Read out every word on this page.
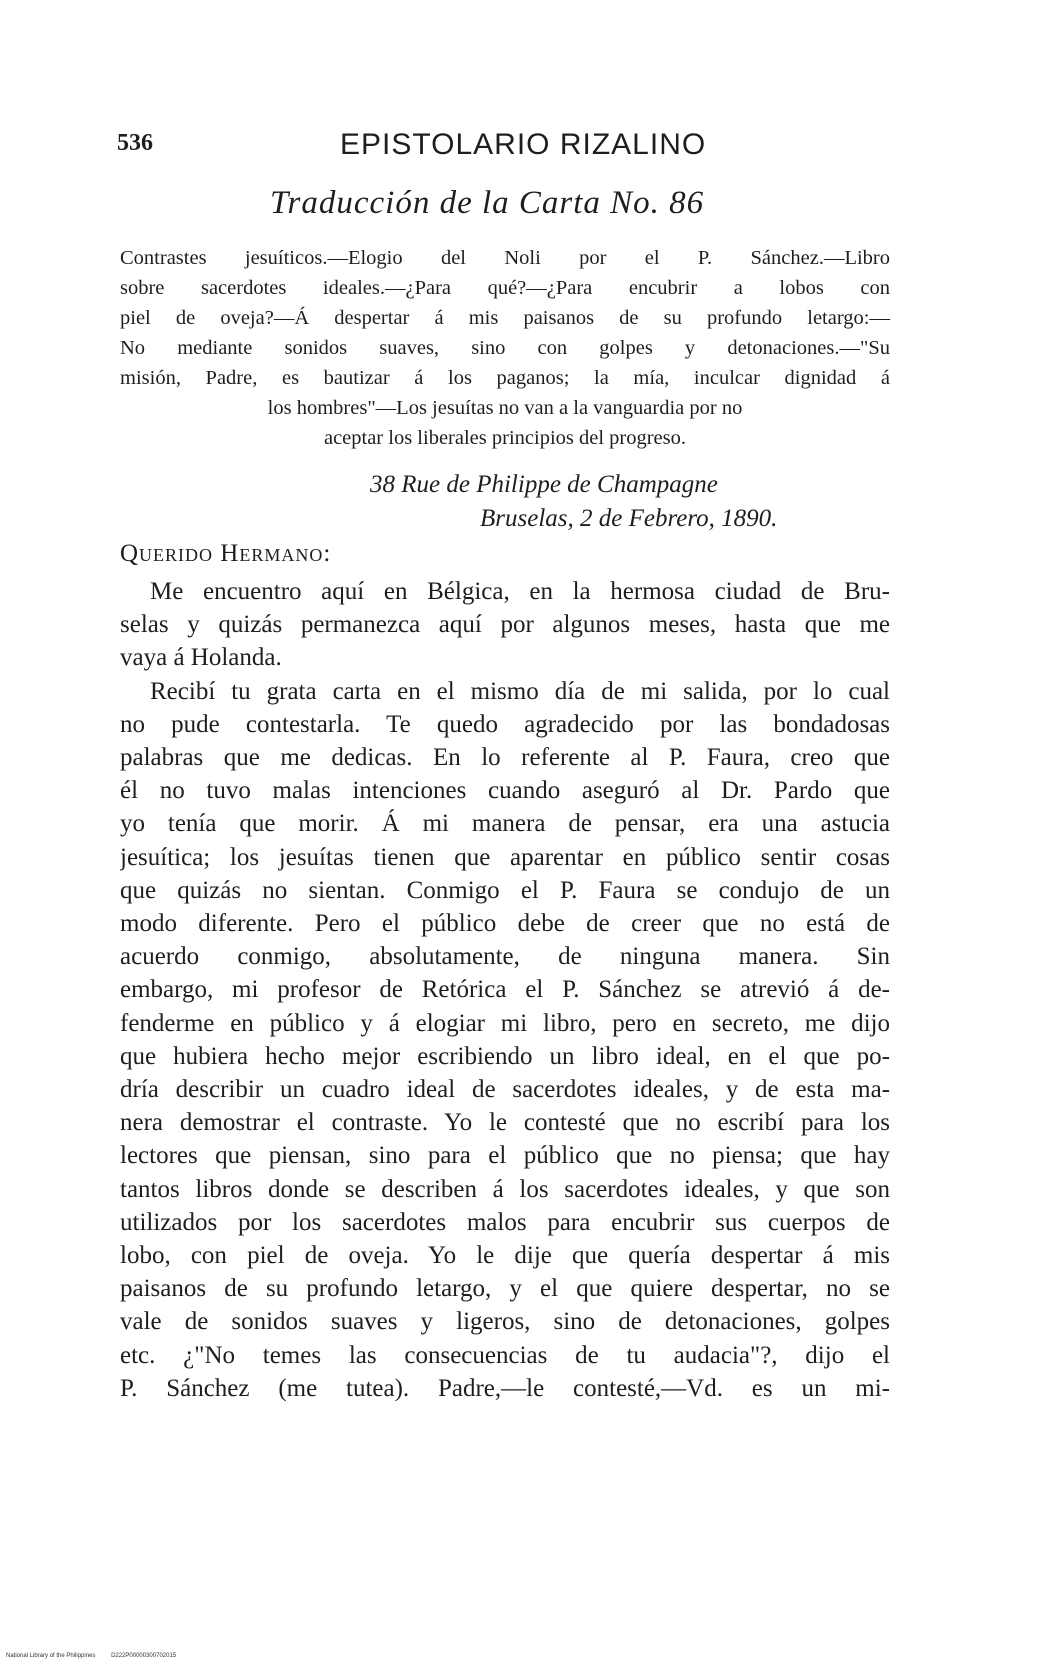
536	EPISTOLARIO RIZALINO
Traducción de la Carta No. 86

Contrastes jesuíticos.—Elogio del Noli por el P. Sánchez.—Libro

sobre sacerdotes ideales.—¿Para qué?—¿Para encubrir a lobos con

piel de oveja?—Á despertar á mis paisanos de su profundo letargo:—

No mediante sonidos suaves, sino con golpes y detonaciones.—"Su

misión, Padre, es bautizar á los paganos; la mía, inculcar dignidad á

los hombres"—Los jesuítas no van a la vanguardia por no

aceptar los liberales principios del progreso.

38 Rue de Philippe de Champagne
Bruselas, 2 de Febrero, 1890.
Querido Hermano:
Me encuentro aquí en Bélgica, en la hermosa ciudad de Bru-
selas y quizás permanezca aquí por algunos meses, hasta que me
vaya á Holanda.
Recibí tu grata carta en el mismo día de mi salida, por lo cual
no pude contestarla. Te quedo agradecido por las bondadosas
palabras que me dedicas. En lo referente al P. Faura, creo que
él no tuvo malas intenciones cuando aseguró al Dr. Pardo que
yo tenía que morir. Á mi manera de pensar, era una astucia
jesuítica; los jesuítas tienen que aparentar en público sentir cosas
que quizás no sientan. Conmigo el P. Faura se condujo de un
modo diferente. Pero el público debe de creer que no está de
acuerdo conmigo, absolutamente, de ninguna manera. Sin
embargo, mi profesor de Retórica el P. Sánchez se atrevió á de-
fenderme en público y á elogiar mi libro, pero en secreto, me dijo
que hubiera hecho mejor escribiendo un libro ideal, en el que po-
dría describir un cuadro ideal de sacerdotes ideales, y de esta ma-
nera demostrar el contraste. Yo le contesté que no escribí para los
lectores que piensan, sino para el público que no piensa; que hay
tantos libros donde se describen á los sacerdotes ideales, y que son
utilizados por los sacerdotes malos para encubrir sus cuerpos de
lobo, con piel de oveja. Yo le dije que quería despertar á mis
paisanos de su profundo letargo, y el que quiere despertar, no se
vale de sonidos suaves y ligeros, sino de detonaciones, golpes
etc. ¿"No temes las consecuencias de tu audacia"?, dijo el
P. Sánchez (me tutea). Padre,—le contesté,—Vd. es un mi-
National Library of the Philippines	D222P00000300702015
